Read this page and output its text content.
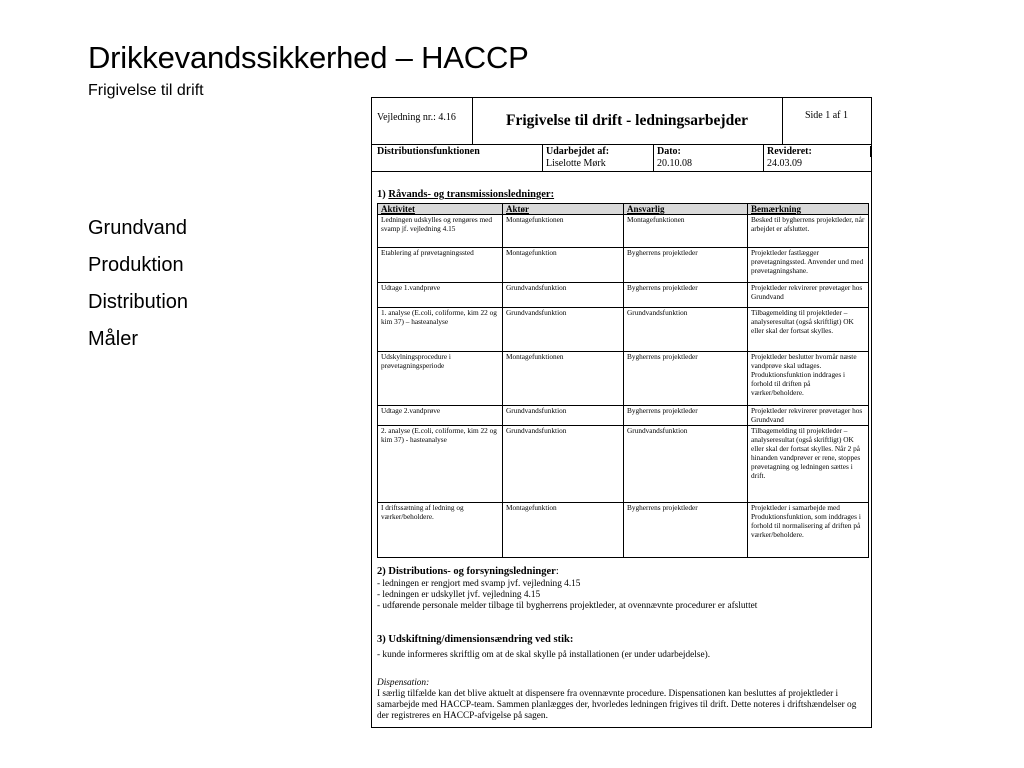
Drikkevandssikkerhed – HACCP
Frigivelse til drift
Grundvand
Produktion
Distribution
Måler
Vejledning nr.: 4.16	Frigivelse til drift - ledningsarbejder	Side 1 af 1
Distributionsfunktionen	Udarbejdet af:
Liselotte Mørk
Dato:
20.10.08
Revideret:
24.03.09
1) Råvands- og transmissionsledninger:
Aktivitet	Aktør	Ansvarlig	Bemærkning
Ledningen udskylles og rengøres med svamp jf. vejledning 4.15	Montagefunktionen	Montagefunktionen	Besked til bygherrens projektleder, når arbejdet er afsluttet.
Etablering af prøvetagningssted	Montagefunktion	Bygherrens projektleder	Projektleder fastlægger prøvetagningssted. Anvender und med prøvetagningshane.
Udtage 1.vandprøve	Grundvandsfunktion	Bygherrens projektleder	Projektleder rekvirerer prøvetager hos Grundvand
1. analyse (E.coli, coliforme, kim 22 og kim 37) – hasteanalyse	Grundvandsfunktion	Grundvandsfunktion	Tilbagemelding til projektleder – analyseresultat (også skriftligt) OK eller skal der fortsat skylles.
Udskylningsprocedure i prøvetagningsperiode	Montagefunktionen	Bygherrens projektleder	Projektleder beslutter hvornår næste vandprøve skal udtages. Produktionsfunktion inddrages i forhold til driften på værker/beholdere.
Udtage 2.vandprøve	Grundvandsfunktion	Bygherrens projektleder	Projektleder rekvirerer prøvetager hos Grundvand
2. analyse (E.coli, coliforme, kim 22 og kim 37) - hasteanalyse	Grundvandsfunktion	Grundvandsfunktion	Tilbagemelding til projektleder – analyseresultat (også skriftligt) OK eller skal der fortsat skylles. Når 2 på hinanden vandprøver er rene, stoppes prøvetagning og ledningen sættes i drift.
I driftssætning af ledning og værker/beholdere.	Montagefunktion	Bygherrens projektleder	Projektleder i samarbejde med Produktionsfunktion, som inddrages i forhold til normalisering af driften på værker/beholdere.
2) Distributions- og forsyningsledninger:
- ledningen er rengjort med svamp jvf. vejledning 4.15
- ledningen er udskyllet jvf. vejledning 4.15
- udførende personale melder tilbage til bygherrens projektleder, at ovennævnte procedurer er afsluttet
3) Udskiftning/dimensionsændring ved stik:
- kunde informeres skriftlig om at de skal skylle på installationen (er under udarbejdelse).
Dispensation:
I særlig tilfælde kan det blive aktuelt at dispensere fra ovennævnte procedure. Dispensationen kan besluttes af projektleder i samarbejde med HACCP-team. Sammen planlægges der, hvorledes ledningen frigives til drift. Dette noteres i driftshændelser og der registreres en HACCP-afvigelse på sagen.
